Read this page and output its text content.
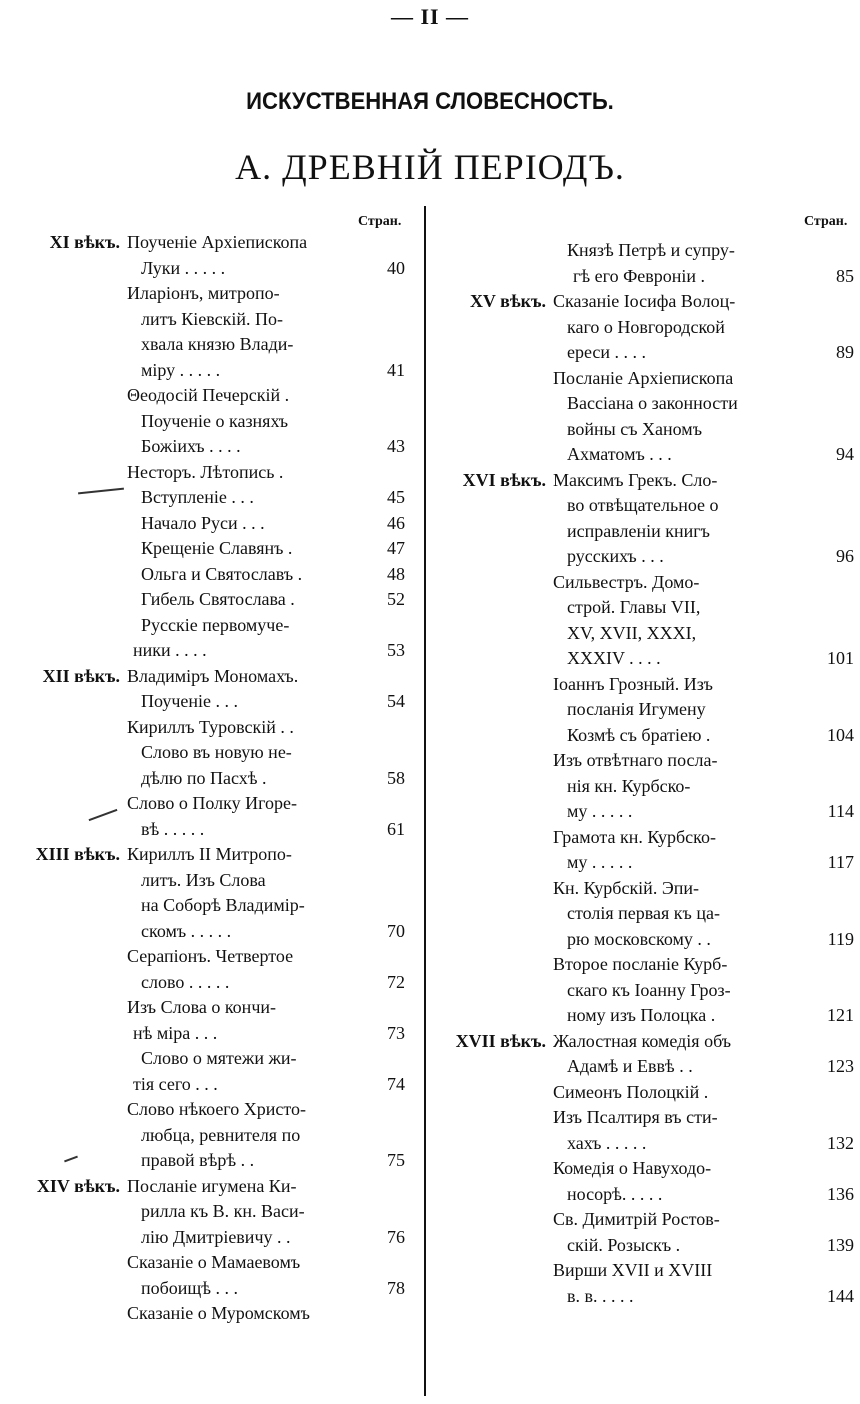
— II —
ИСКУСТВЕННАЯ СЛОВЕСНОСТЬ.
А. ДРЕВНІЙ ПЕРІОДЪ.
Стран.	Стран.
XI вѣкъ. Поученіе Архіепископа
Луки . . . . .	40
Иларіонъ, митропо-
литъ Кіевскій. По-
хвала князю Влади-
міру . . . . .	41
Θеодосій Печерскій .
Поученіе о казняхъ
Божіихъ . . . .	43
Несторъ. Лѣтопись .
Вступленіе . . .	45
Начало Руси . . .	46
Крещеніе Славянъ .	47
Ольга и Святославъ .	48
Гибель Святослава .	52
Русскіе первомуче-
ники . . . .	53
XII вѣкъ. Владиміръ Мономахъ.
Поученіе . . .	54
Кириллъ Туровскій . .
Слово въ новую не-
дѣлю по Пасхѣ .	58
Слово о Полку Игоре-
вѣ . . . . .	61
XIII вѣкъ. Кириллъ II Митропо-
литъ. Изъ Слова
на Соборѣ Владимір-
скомъ . . . . .	70
Серапіонъ. Четвертое
слово . . . . .	72
Изъ Слова о кончи-
нѣ міра . . .	73
Слово о мятежи жи-
тія сего . . .	74
Слово нѣкоего Христо-
любца, ревнителя по
правой вѣрѣ . .	75
XIV вѣкъ. Посланіе игумена Ки-
рилла къ В. кн. Васи-
лію Дмитріевичу . .	76
Сказаніе о Мамаевомъ
побоищѣ . . .	78
Сказаніе о Муромскомъ
Князѣ Петрѣ и супру-
гѣ его Февроніи .	85
XV вѣкъ. Сказаніе Іосифа Волоц-
каго о Новгородской
ереси . . . .	89
Посланіе Архіепископа
Вассіана о законности
войны съ Ханомъ
Ахматомъ . . .	94
XVI вѣкъ. Максимъ Грекъ. Сло-
во отвѣщательное о
исправленіи книгъ
русскихъ . . .	96
Сильвестръ. Домо-
строй. Главы VII,
XV, XVII, XXXI,
XXXIV . . . .	101
Іоаннъ Грозный. Изъ
посланія Игумену
Козмѣ съ братіею .	104
Изъ отвѣтнаго посла-
нія кн. Курбско-
му . . . . .	114
Грамота кн. Курбско-
му . . . . .	117
Кн. Курбскій. Эпи-
столія первая къ ца-
рю московскому . .	119
Второе посланіе Курб-
скаго къ Іоанну Гроз-
ному изъ Полоцка .	121
XVII вѣкъ. Жалостная комедія объ
Адамѣ и Еввѣ . .	123
Симеонъ Полоцкій .
Изъ Псалтиря въ сти-
хахъ . . . . .	132
Комедія о Навуходо-
носорѣ. . . . .	136
Св. Димитрій Ростов-
скій. Розыскъ .	139
Вирши XVII и XVIII
в. в. . . . .	144
